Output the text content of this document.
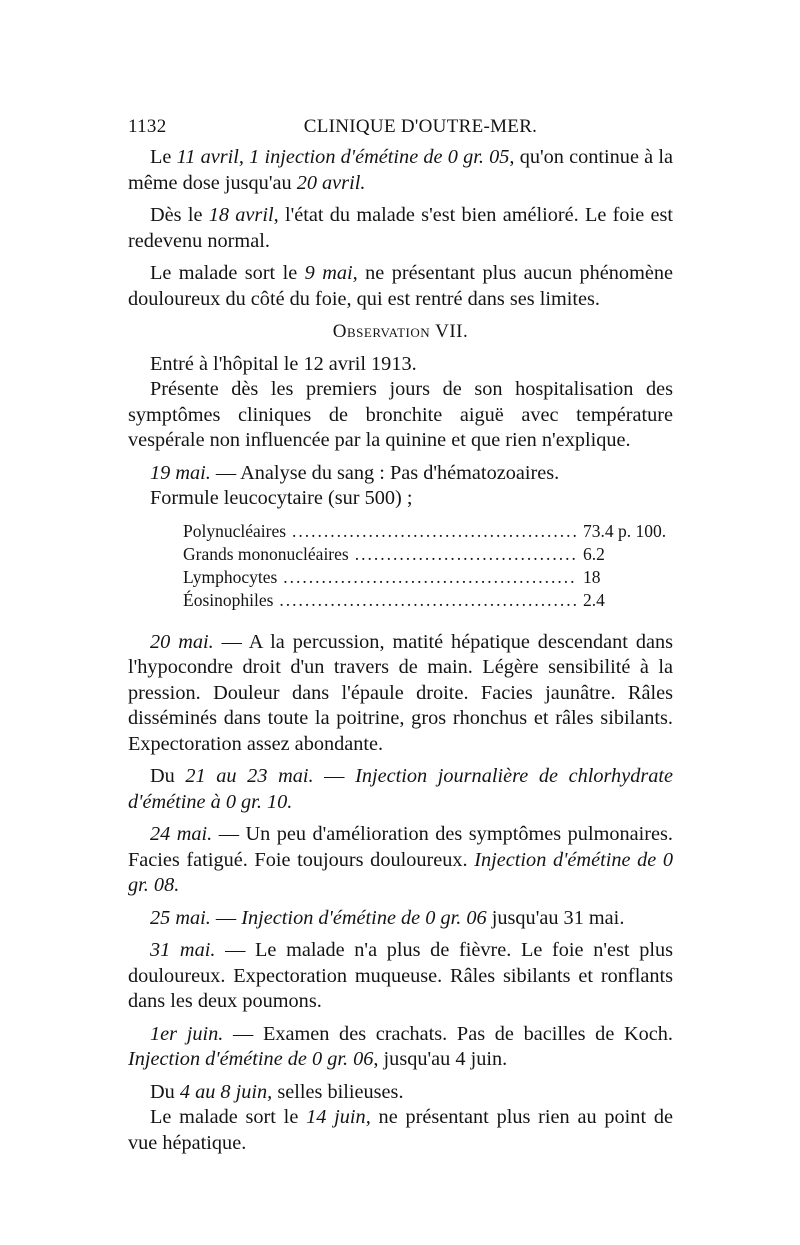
1132	CLINIQUE D'OUTRE-MER.

Le 11 avril, 1 injection d'émétine de 0 gr. 05, qu'on continue à la même dose jusqu'au 20 avril.

Dès le 18 avril, l'état du malade s'est bien amélioré. Le foie est redevenu normal.

Le malade sort le 9 mai, ne présentant plus aucun phénomène douloureux du côté du foie, qui est rentré dans ses limites.

Observation VII.

Entré à l'hôpital le 12 avril 1913.

Présente dès les premiers jours de son hospitalisation des symptômes cliniques de bronchite aiguë avec température vespérale non influencée par la quinine et que rien n'explique.

19 mai. — Analyse du sang : Pas d'hématozoaires.

Formule leucocytaire (sur 500) ;

Polynucléaires .....	73.4 p. 100.
Grands mononucléaires .....	6.2
Lymphocytes .....	18
Éosinophiles .....	2.4

20 mai. — A la percussion, matité hépatique descendant dans l'hypocondre droit d'un travers de main. Légère sensibilité à la pression. Douleur dans l'épaule droite. Facies jaunâtre. Râles disséminés dans toute la poitrine, gros rhonchus et râles sibilants. Expectoration assez abondante.

Du 21 au 23 mai. — Injection journalière de chlorhydrate d'émétine à 0 gr. 10.

24 mai. — Un peu d'amélioration des symptômes pulmonaires. Facies fatigué. Foie toujours douloureux. Injection d'émétine de 0 gr. 08.

25 mai. — Injection d'émétine de 0 gr. 06 jusqu'au 31 mai.

31 mai. — Le malade n'a plus de fièvre. Le foie n'est plus douloureux. Expectoration muqueuse. Râles sibilants et ronflants dans les deux poumons.

1er juin. — Examen des crachats. Pas de bacilles de Koch. Injection d'émétine de 0 gr. 06, jusqu'au 4 juin.

Du 4 au 8 juin, selles bilieuses.

Le malade sort le 14 juin, ne présentant plus rien au point de vue hépatique.
